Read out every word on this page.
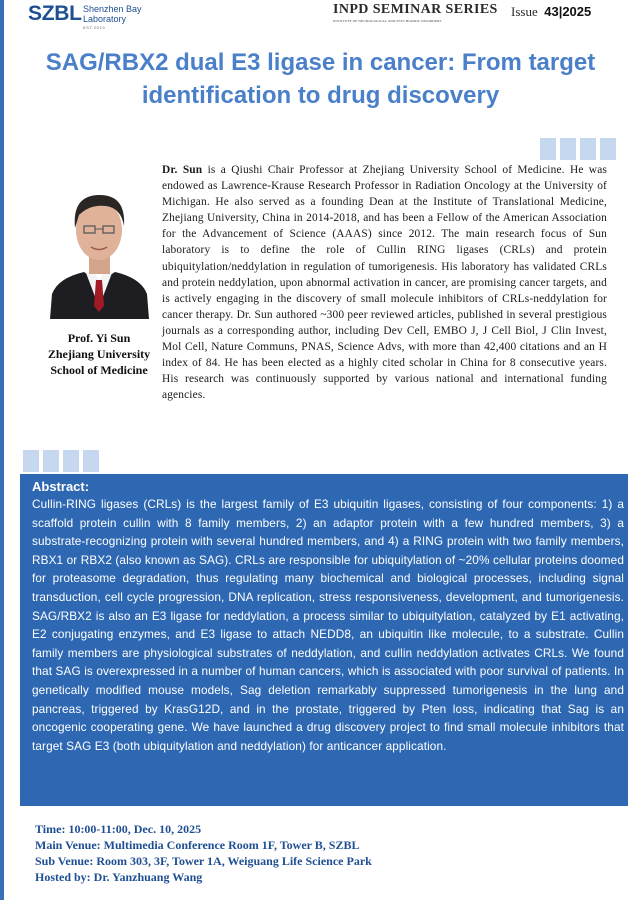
SZBL Shenzhen Bay
Laboratory
EST.2019
INPD SEMINAR SERIES
INSTITUTE OF NEUROLOGICAL AND PSYCHIATRIC DISORDERS
Issue 43|2025
SAG/RBX2 dual E3 ligase in cancer: From target
identification to drug discovery
Prof. Yi Sun
Zhejiang University
School of Medicine

Dr. Sun is a Qiushi Chair Professor at Zhejiang University School of Medicine. He was endowed as Lawrence-Krause Research Professor in Radiation Oncology at the University of Michigan. He also served as a founding Dean at the Institute of Translational Medicine, Zhejiang University, China in 2014-2018, and has been a Fellow of the American Association for the Advancement of Science (AAAS) since 2012. The main research focus of Sun laboratory is to define the role of Cullin RING ligases (CRLs) and protein ubiquitylation/neddylation in regulation of tumorigenesis. His laboratory has validated CRLs and protein neddylation, upon abnormal activation in cancer, are promising cancer targets, and is actively engaging in the discovery of small molecule inhibitors of CRLs-neddylation for cancer therapy. Dr. Sun authored ~300 peer reviewed articles, published in several prestigious journals as a corresponding author, including Dev Cell, EMBO J, J Cell Biol, J Clin Invest, Mol Cell, Nature Communs, PNAS, Science Advs, with more than 42,400 citations and an H index of 84. He has been elected as a highly cited scholar in China for 8 consecutive years. His research was continuously supported by various national and international funding agencies.

Abstract:

Cullin-RING ligases (CRLs) is the largest family of E3 ubiquitin ligases, consisting of four components: 1) a scaffold protein cullin with 8 family members, 2) an adaptor protein with a few hundred members, 3) a substrate-recognizing protein with several hundred members, and 4) a RING protein with two family members, RBX1 or RBX2 (also known as SAG). CRLs are responsible for ubiquitylation of ~20% cellular proteins doomed for proteasome degradation, thus regulating many biochemical and biological processes, including signal transduction, cell cycle progression, DNA replication, stress responsiveness, development, and tumorigenesis. SAG/RBX2 is also an E3 ligase for neddylation, a process similar to ubiquitylation, catalyzed by E1 activating, E2 conjugating enzymes, and E3 ligase to attach NEDD8, an ubiquitin like molecule, to a substrate. Cullin family members are physiological substrates of neddylation, and cullin neddylation activates CRLs. We found that SAG is overexpressed in a number of human cancers, which is associated with poor survival of patients. In genetically modified mouse models, Sag deletion remarkably suppressed tumorigenesis in the lung and pancreas, triggered by KrasG12D, and in the prostate, triggered by Pten loss, indicating that Sag is an oncogenic cooperating gene. We have launched a drug discovery project to find small molecule inhibitors that target SAG E3 (both ubiquitylation and neddylation) for anticancer application.

Time: 10:00-11:00, Dec. 10, 2025
Main Venue: Multimedia Conference Room 1F, Tower B, SZBL
Sub Venue: Room 303, 3F, Tower 1A, Weiguang Life Science Park
Hosted by: Dr. Yanzhuang Wang
